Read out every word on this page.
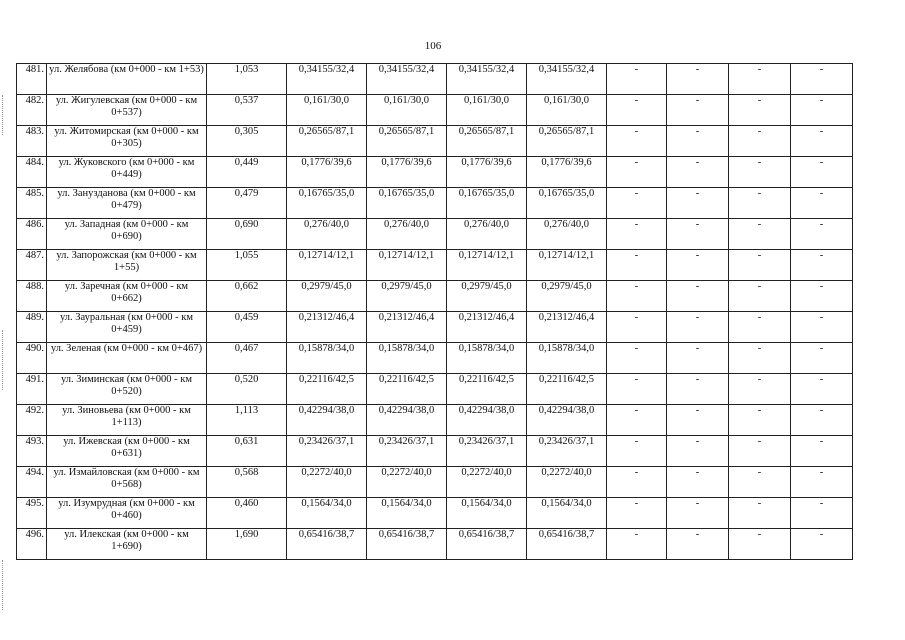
106
481.	ул. Желябова (км 0+000 - км 1+53)	1,053	0,34155/32,4	0,34155/32,4	0,34155/32,4	0,34155/32,4	-	-	-	-
482.	ул. Жигулевская (км 0+000 - км 0+537)	0,537	0,161/30,0	0,161/30,0	0,161/30,0	0,161/30,0	-	-	-	-
483.	ул. Житомирская (км 0+000 - км 0+305)	0,305	0,26565/87,1	0,26565/87,1	0,26565/87,1	0,26565/87,1	-	-	-	-
484.	ул. Жуковского (км 0+000 - км 0+449)	0,449	0,1776/39,6	0,1776/39,6	0,1776/39,6	0,1776/39,6	-	-	-	-
485.	ул. Занузданова (км 0+000 - км 0+479)	0,479	0,16765/35,0	0,16765/35,0	0,16765/35,0	0,16765/35,0	-	-	-	-
486.	ул. Западная (км 0+000 - км 0+690)	0,690	0,276/40,0	0,276/40,0	0,276/40,0	0,276/40,0	-	-	-	-
487.	ул. Запорожская (км 0+000 - км 1+55)	1,055	0,12714/12,1	0,12714/12,1	0,12714/12,1	0,12714/12,1	-	-	-	-
488.	ул. Заречная (км 0+000 - км 0+662)	0,662	0,2979/45,0	0,2979/45,0	0,2979/45,0	0,2979/45,0	-	-	-	-
489.	ул. Зауральная (км 0+000 - км 0+459)	0,459	0,21312/46,4	0,21312/46,4	0,21312/46,4	0,21312/46,4	-	-	-	-
490.	ул. Зеленая (км 0+000 - км 0+467)	0,467	0,15878/34,0	0,15878/34,0	0,15878/34,0	0,15878/34,0	-	-	-	-
491.	ул. Зиминская (км 0+000 - км 0+520)	0,520	0,22116/42,5	0,22116/42,5	0,22116/42,5	0,22116/42,5	-	-	-	-
492.	ул. Зиновьева (км 0+000 - км 1+113)	1,113	0,42294/38,0	0,42294/38,0	0,42294/38,0	0,42294/38,0	-	-	-	-
493.	ул. Ижевская (км 0+000 - км 0+631)	0,631	0,23426/37,1	0,23426/37,1	0,23426/37,1	0,23426/37,1	-	-	-	-
494.	ул. Измайловская (км 0+000 - км 0+568)	0,568	0,2272/40,0	0,2272/40,0	0,2272/40,0	0,2272/40,0	-	-	-	-
495.	ул. Изумрудная (км 0+000 - км 0+460)	0,460	0,1564/34,0	0,1564/34,0	0,1564/34,0	0,1564/34,0	-	-	-	-
496.	ул. Илекская (км 0+000 - км 1+690)	1,690	0,65416/38,7	0,65416/38,7	0,65416/38,7	0,65416/38,7	-	-	-	-
